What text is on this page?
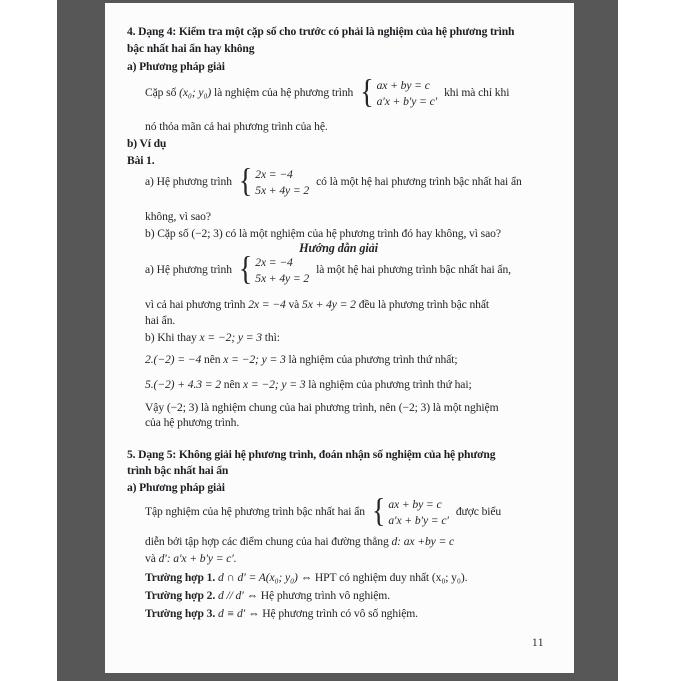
4. Dạng 4: Kiểm tra một cặp số cho trước có phải là nghiệm của hệ phương trình
bậc nhất hai ẩn hay không
a) Phương pháp giải
Cặp số (x₀; y₀) là nghiệm của hệ phương trình { ax + by = c
a′x + b′y = c′
khi mà chỉ khi
nó thỏa mãn cả hai phương trình của hệ.
b) Ví dụ
Bài 1.
a) Hệ phương trình { 2x = −4
5x + 4y = 2
có là một hệ hai phương trình bậc nhất hai ẩn
không, vì sao?
b) Cặp số (−2; 3) có là một nghiệm của hệ phương trình đó hay không, vì sao?
Hướng dẫn giải
a) Hệ phương trình { 2x = −4
5x + 4y = 2
là một hệ hai phương trình bậc nhất hai ẩn,
vì cả hai phương trình 2x = −4 và 5x + 4y = 2 đều là phương trình bậc nhất
hai ẩn.
b) Khi thay x = −2; y = 3 thì:
2.(−2) = −4 nên x = −2; y = 3 là nghiệm của phương trình thứ nhất;
5.(−2) + 4.3 = 2 nên x = −2; y = 3 là nghiệm của phương trình thứ hai;
Vậy (−2; 3) là nghiệm chung của hai phương trình, nên (−2; 3) là một nghiệm
của hệ phương trình.
5. Dạng 5: Không giải hệ phương trình, đoán nhận số nghiệm của hệ phương
trình bậc nhất hai ẩn
a) Phương pháp giải
Tập nghiệm của hệ phương trình bậc nhất hai ẩn { ax + by = c
a′x + b′y = c′
được biểu
diễn bởi tập hợp các điểm chung của hai đường thẳng d: ax +by = c
và d′: a′x + b′y = c′.
Trường hợp 1. d ∩ d′ = A(x₀; y₀) ⇔ HPT có nghiệm duy nhất (x₀; y₀).
Trường hợp 2. d // d′ ⇔ Hệ phương trình vô nghiệm.
Trường hợp 3. d ≡ d′ ⇔ Hệ phương trình có vô số nghiệm.
11
